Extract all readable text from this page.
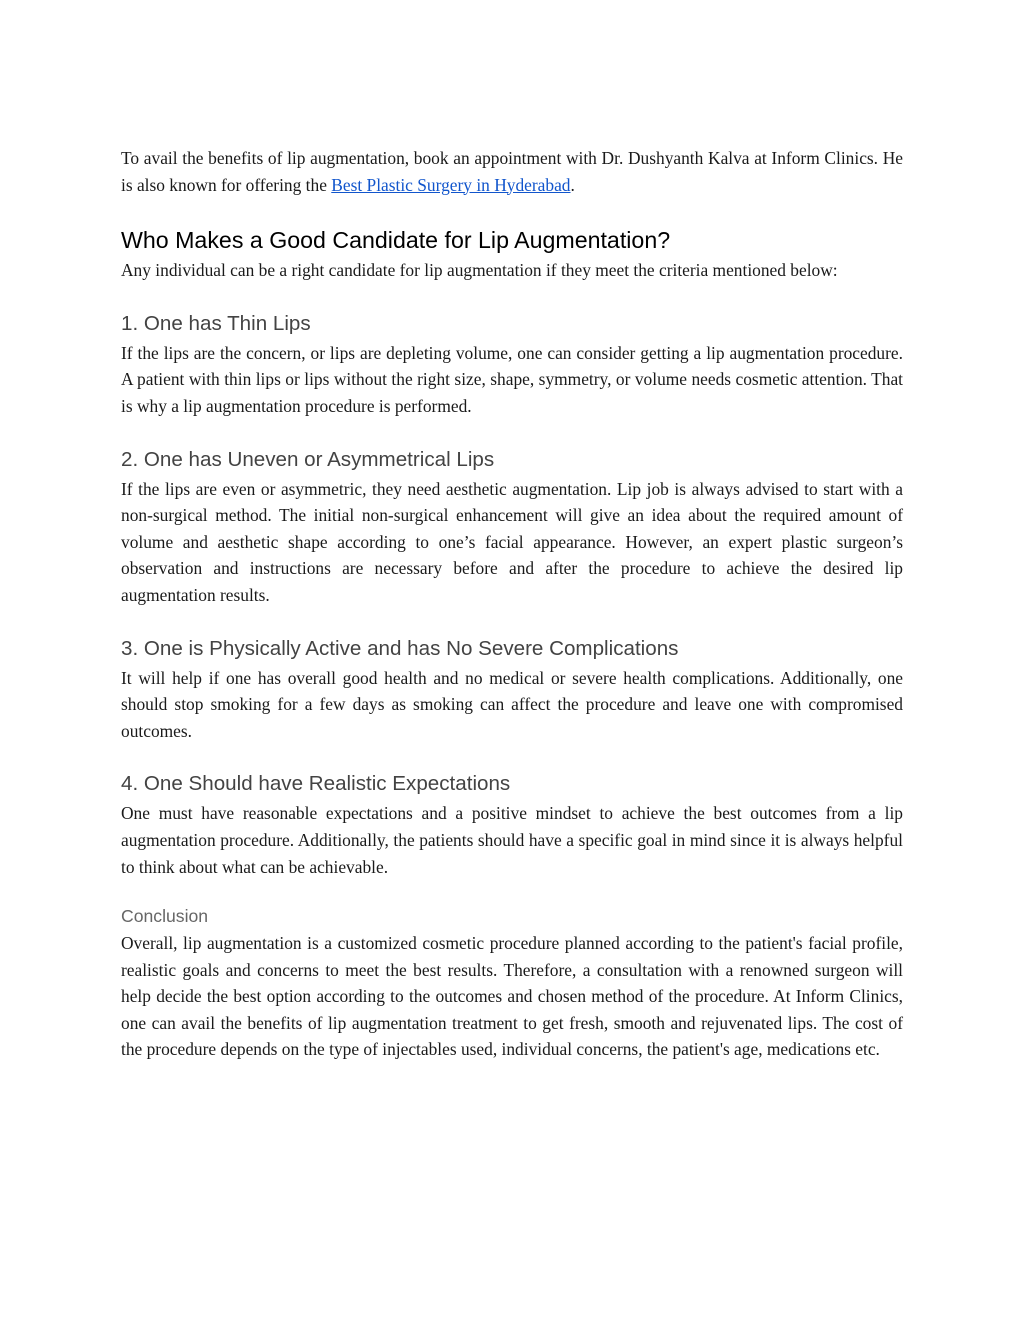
To avail the benefits of lip augmentation, book an appointment with Dr. Dushyanth Kalva at Inform Clinics. He is also known for offering the Best Plastic Surgery in Hyderabad.

Who Makes a Good Candidate for Lip Augmentation?

Any individual can be a right candidate for lip augmentation if they meet the criteria mentioned below:

1. One has Thin Lips

If the lips are the concern, or lips are depleting volume, one can consider getting a lip augmentation procedure. A patient with thin lips or lips without the right size, shape, symmetry, or volume needs cosmetic attention. That is why a lip augmentation procedure is performed.

2. One has Uneven or Asymmetrical Lips

If the lips are even or asymmetric, they need aesthetic augmentation. Lip job is always advised to start with a non-surgical method. The initial non-surgical enhancement will give an idea about the required amount of volume and aesthetic shape according to one’s facial appearance. However, an expert plastic surgeon’s observation and instructions are necessary before and after the procedure to achieve the desired lip augmentation results.

3. One is Physically Active and has No Severe Complications

It will help if one has overall good health and no medical or severe health complications. Additionally, one should stop smoking for a few days as smoking can affect the procedure and leave one with compromised outcomes.

4. One Should have Realistic Expectations

One must have reasonable expectations and a positive mindset to achieve the best outcomes from a lip augmentation procedure. Additionally, the patients should have a specific goal in mind since it is always helpful to think about what can be achievable.

Conclusion

Overall, lip augmentation is a customized cosmetic procedure planned according to the patient's facial profile, realistic goals and concerns to meet the best results. Therefore, a consultation with a renowned surgeon will help decide the best option according to the outcomes and chosen method of the procedure. At Inform Clinics, one can avail the benefits of lip augmentation treatment to get fresh, smooth and rejuvenated lips. The cost of the procedure depends on the type of injectables used, individual concerns, the patient's age, medications etc.
